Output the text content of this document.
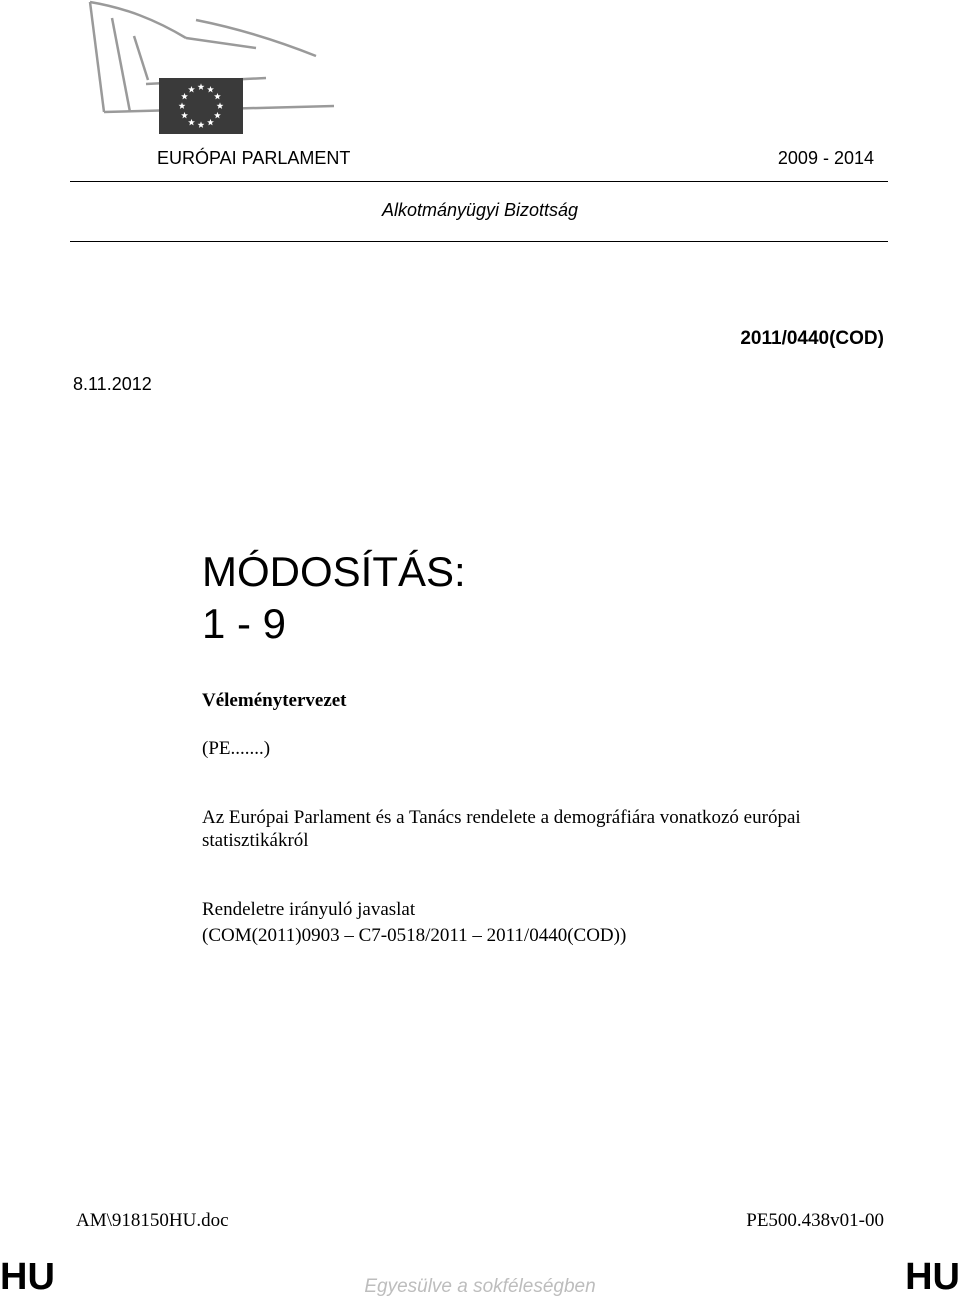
EURÓPAI PARLAMENT	2009 - 2014
Alkotmányügyi Bizottság
2011/0440(COD)
8.11.2012
MÓDOSÍTÁS:
1 - 9
Véleménytervezet
(PE.......)
Az Európai Parlament és a Tanács rendelete a demográfiára vonatkozó európai statisztikákról
Rendeletre irányuló javaslat
(COM(2011)0903 – C7-0518/2011 – 2011/0440(COD))
AM\918150HU.doc	PE500.438v01-00
HU	HU
Egyesülve a sokféleségben
